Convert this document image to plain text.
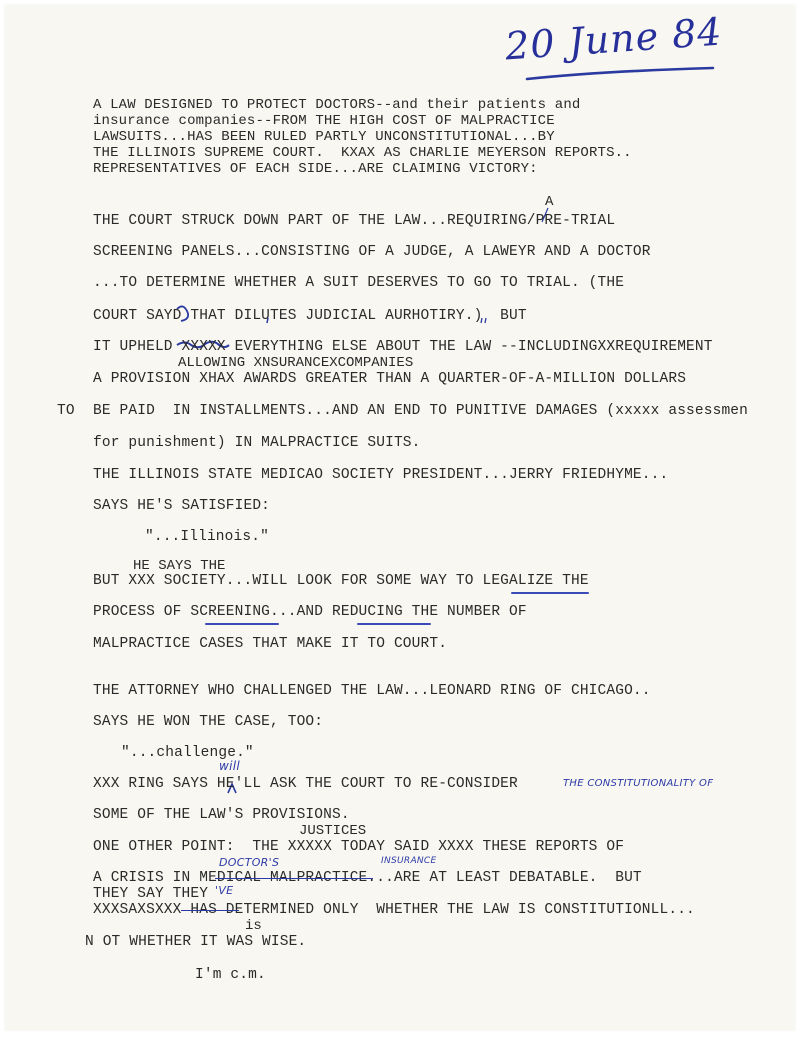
20 June 84
A LAW DESIGNED TO PROTECT DOCTORS--and their patients and
insurance companies--FROM THE HIGH COST OF MALPRACTICE
LAWSUITS...HAS BEEN RULED PARTLY UNCONSTITUTIONAL...BY
THE ILLINOIS SUPREME COURT.  KXAX AS CHARLIE MEYERSON REPORTS..
REPRESENTATIVES OF EACH SIDE...ARE CLAIMING VICTORY:
A
THE COURT STRUCK DOWN PART OF THE LAW...REQUIRING/PRE-TRIAL
SCREENING PANELS...CONSISTING OF A JUDGE, A LAWEYR AND A DOCTOR
...TO DETERMINE WHETHER A SUIT DESERVES TO GO TO TRIAL. (THE
COURT SAYD THAT DILUTES JUDICIAL AURHOTIRY.)  BUT
IT UPHELD XXXXX EVERYTHING ELSE ABOUT THE LAW --INCLUDINGXXREQUIREMENT
ALLOWING XNSURANCEXCOMPANIES
A PROVISION XHAX AWARDS GREATER THAN A QUARTER-OF-A-MILLION DOLLARS
TO BE PAID  IN INSTALLMENTS...AND AN END TO PUNITIVE DAMAGES (xxxxx assessmen
for punishment) IN MALPRACTICE SUITS.
THE ILLINOIS STATE MEDICAO SOCIETY PRESIDENT...JERRY FRIEDHYME...
SAYS HE'S SATISFIED:
"...Illinois."
HE SAYS THE
BUT XXX SOCIETY...WILL LOOK FOR SOME WAY TO LEGALIZE THE
PROCESS OF SCREENING...AND REDUCING THE NUMBER OF
MALPRACTICE CASES THAT MAKE IT TO COURT.
THE ATTORNEY WHO CHALLENGED THE LAW...LEONARD RING OF CHICAGO..
SAYS HE WON THE CASE, TOO:
"...challenge."
will
XXX RING SAYS HE'LL ASK THE COURT TO RE-CONSIDER	THE CONSTITUTIONALITY OF
SOME OF THE LAW'S PROVISIONS.
JUSTICES
ONE OTHER POINT:  THE XXXXX TODAY SAID XXXX THESE REPORTS OF
DOCTOR'S	INSURANCE
A CRISIS IN MEDICAL MALPRACTICE...ARE AT LEAST DEBATABLE.  BUT
THEY SAY THEY 'VE
XXXSAXSXXX HAS DETERMINED ONLY  WHETHER THE LAW IS CONSTITUTIONLL...
is
N OT WHETHER IT WAS WISE.
I'm c.m.
